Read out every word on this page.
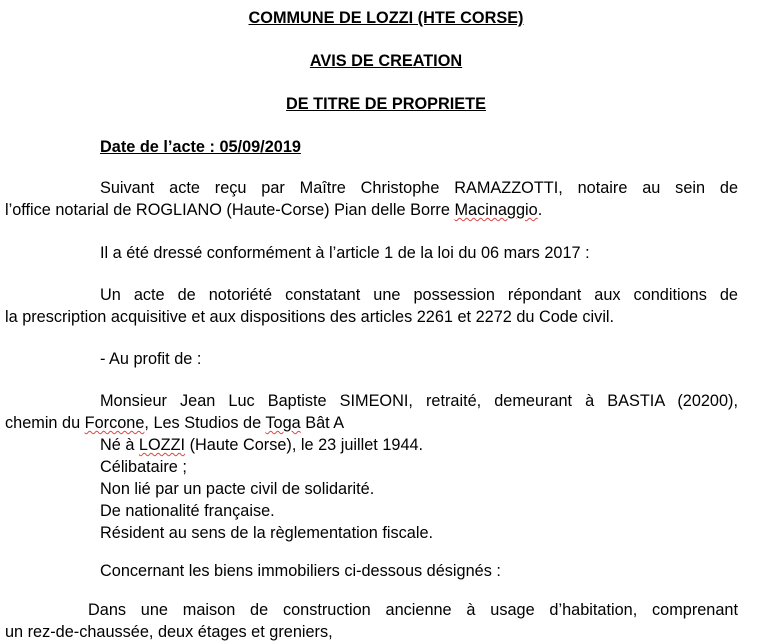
COMMUNE DE LOZZI (HTE CORSE)

AVIS DE CREATION

DE TITRE DE PROPRIETE

Date de l’acte : 05/09/2019

Suivant acte reçu par Maître Christophe RAMAZZOTTI, notaire au sein de
l’office notarial de ROGLIANO (Haute-Corse) Pian delle Borre Macinaggio.
Il a été dressé conformément à l’article 1 de la loi du 06 mars 2017 :
Un acte de notoriété constatant une possession répondant aux conditions de
la prescription acquisitive et aux dispositions des articles 2261 et 2272 du Code civil.
- Au profit de :
Monsieur Jean Luc Baptiste SIMEONI, retraité, demeurant à BASTIA (20200),
chemin du Forcone, Les Studios de Toga Bât A
Né à LOZZI (Haute Corse), le 23 juillet 1944.
Célibataire ;
Non lié par un pacte civil de solidarité.
De nationalité française.
Résident au sens de la règlementation fiscale.
Concernant les biens immobiliers ci-dessous désignés :
Dans une maison de construction ancienne à usage d’habitation, comprenant
un rez-de-chaussée, deux étages et greniers,
